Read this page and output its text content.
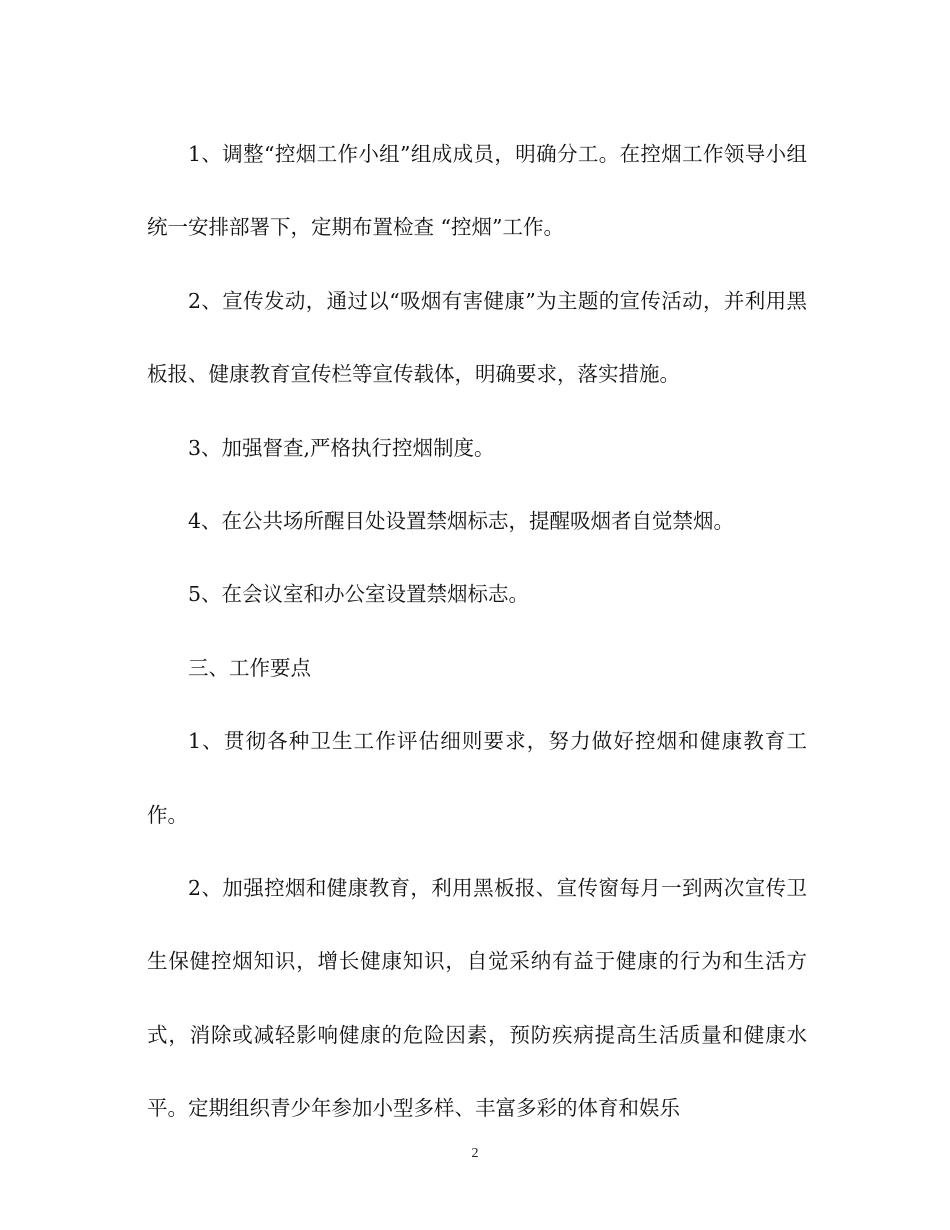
1、调整“控烟工作小组”组成成员，明确分工。在控烟工作领导小组统一安排部署下，定期布置检查 “控烟”工作。

2、宣传发动，通过以“吸烟有害健康”为主题的宣传活动，并利用黑板报、健康教育宣传栏等宣传载体，明确要求，落实措施。

3、加强督查,严格执行控烟制度。

4、在公共场所醒目处设置禁烟标志，提醒吸烟者自觉禁烟。

5、在会议室和办公室设置禁烟标志。

三、工作要点

1、贯彻各种卫生工作评估细则要求，努力做好控烟和健康教育工作。

2、加强控烟和健康教育，利用黑板报、宣传窗每月一到两次宣传卫生保健控烟知识，增长健康知识，自觉采纳有益于健康的行为和生活方式，消除或减轻影响健康的危险因素，预防疾病提高生活质量和健康水平。定期组织青少年参加小型多样、丰富多彩的体育和娱乐

2
